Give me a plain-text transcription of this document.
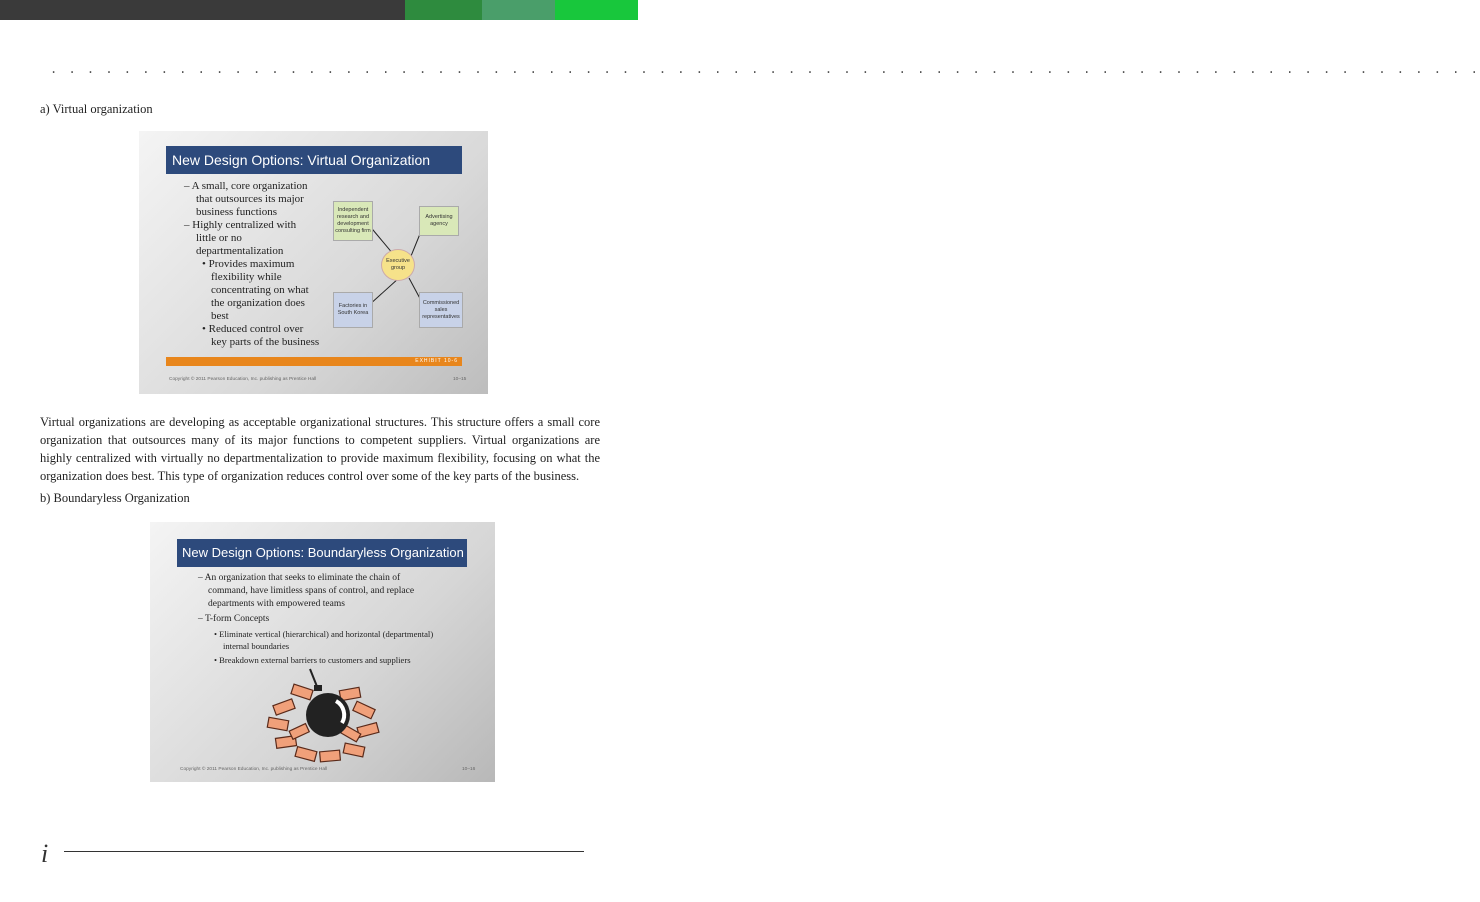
. . . . . . . . . . . . . . . . . . . . . . . . . . . . . . . . . . . . . . . . . . . . . . . . . . . . . . . . . . . . . . . . . . . . . . . . . . . . . .
a) Virtual organization
New Design Options: Virtual Organization
– A small, core organization
that outsources its major
business functions
– Highly centralized with
little or no
departmentalization
• Provides maximum
flexibility while
concentrating on what
the organization does
best
• Reduced control over
key parts of the business
Independent research and development consulting firm
Advertising agency
Executive group
Factories in South Korea
Commissioned sales representatives
EXHIBIT 10-6
Copyright © 2011 Pearson Education, Inc. publishing as Prentice Hall	10–15
Virtual organizations are developing as acceptable organizational structures. This structure offers a small core organization that outsources many of its major functions to competent suppliers. Virtual organizations are highly centralized with virtually no departmentalization to provide maximum flexibility, focusing on what the organization does best. This type of organization reduces control over some of the key parts of the business.
b) Boundaryless Organization
New Design Options: Boundaryless Organization
– An organization that seeks to eliminate the chain of
command, have limitless spans of control, and replace
departments with empowered teams
– T-form Concepts
• Eliminate vertical (hierarchical) and horizontal (departmental)
internal boundaries
• Breakdown external barriers to customers and suppliers
Copyright © 2011 Pearson Education, Inc. publishing as Prentice Hall	10–16
i
